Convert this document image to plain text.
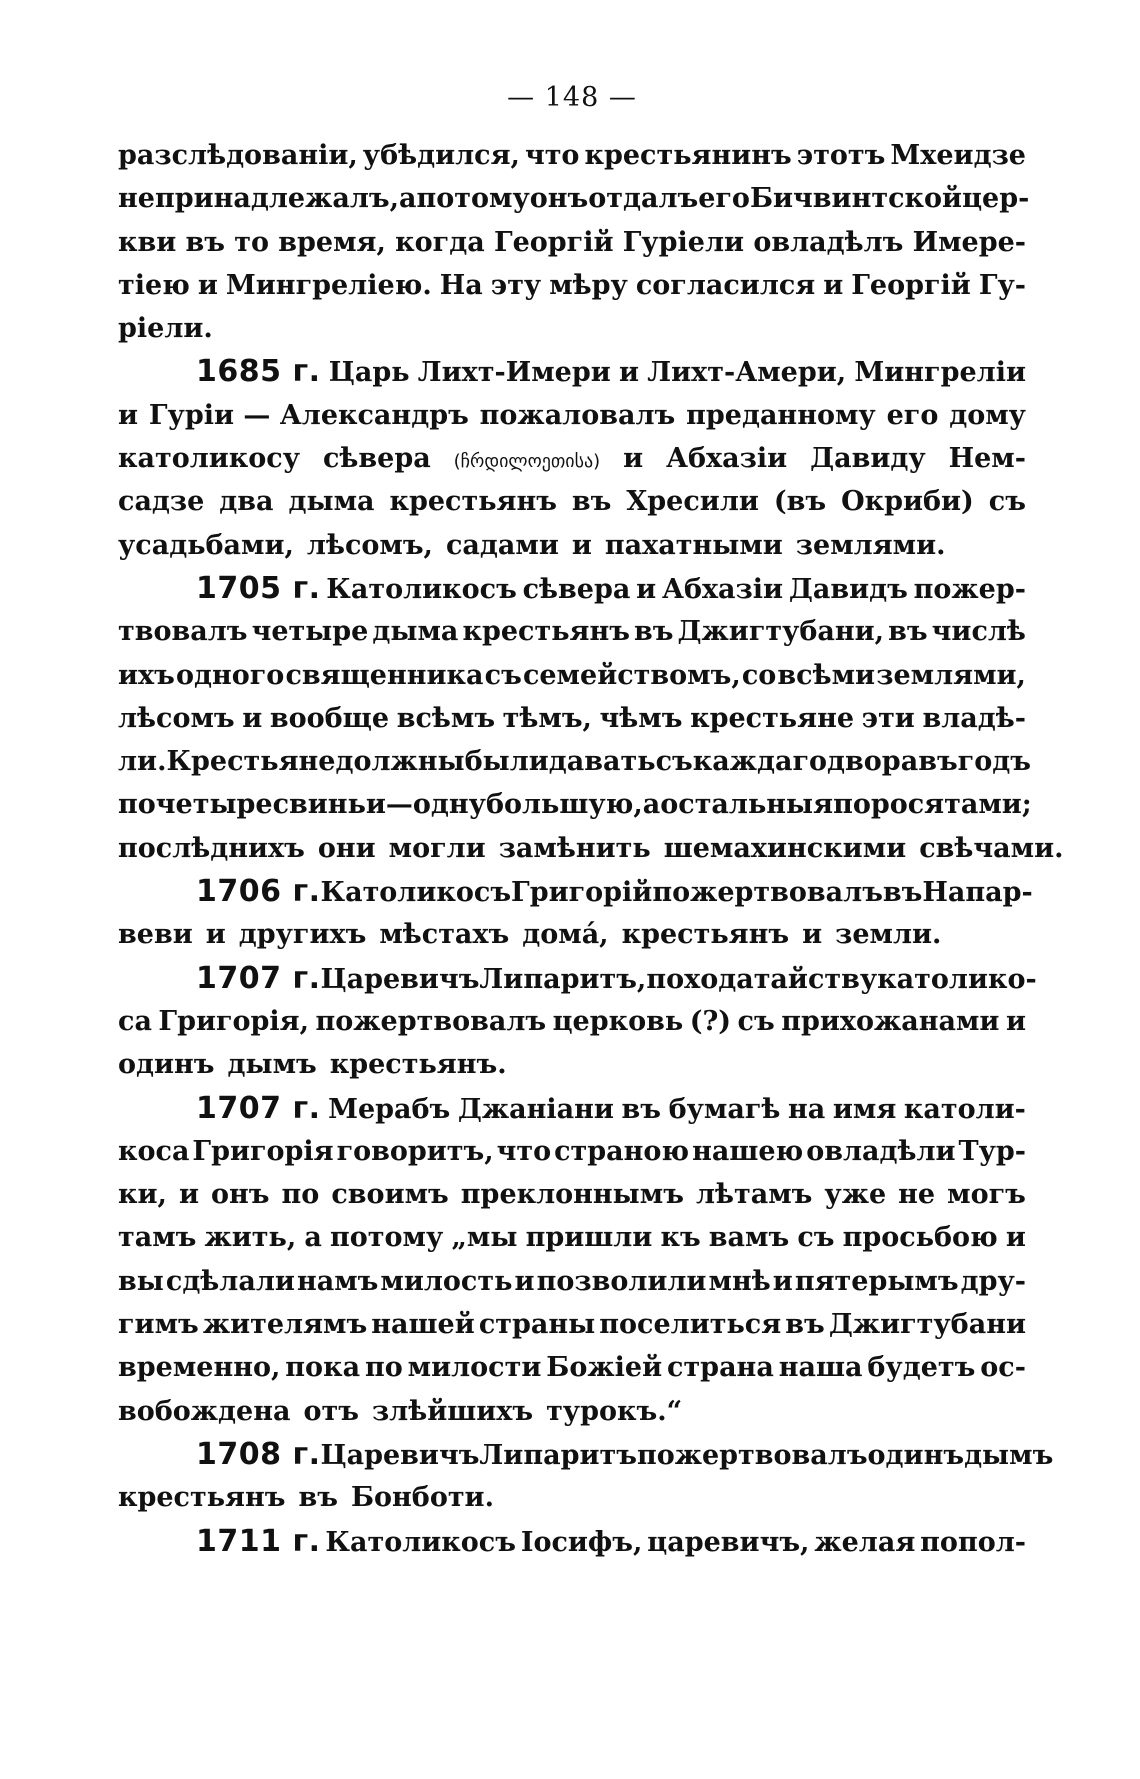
— 148 —
разслѣдованіи, убѣдился, что крестьянинъ этотъ Мхеидзе
непринадлежалъ, а потому онъ отдалъ его Бичвинтской цер-
кви въ то время, когда Георгій Гуріели овладѣлъ Имере-
тіею и Мингреліею. На эту мѣру согласился и Георгій Гу-
ріели.
1685 г. Царь Лихт-Имери и Лихт-Амери, Мингреліи
и Гуріи — Александръ пожаловалъ преданному его дому
католикосу сѣвера (ჩრდილოეთისა) и Абхазіи Давиду Нем-
садзе два дыма крестьянъ въ Хресили (въ Окриби) съ
усадьбами, лѣсомъ, садами и пахатными землями.
1705 г. Католикосъ сѣвера и Абхазіи Давидъ пожер-
твовалъ четыре дыма крестьянъ въ Джигтубани, въ числѣ
ихъ одного священника съ семействомъ, со всѣми землями,
лѣсомъ и вообще всѣмъ тѣмъ, чѣмъ крестьяне эти владѣ-
ли. Крестьяне должны были давать съ каждаго двора въ годъ
по четыре свиньи—одну большую, а остальныя поросятами;
послѣднихъ они могли замѣнить шемахинскими свѣчами.
1706 г. Католикосъ Григорій пожертвовалъ въ Напар-
веви и другихъ мѣстахъ домá, крестьянъ и земли.
1707 г. Царевичъ Липаритъ, по ходатайству католико-
са Григорія, пожертвовалъ церковь (?) съ прихожанами и
одинъ дымъ крестьянъ.
1707 г. Мерабъ Джаніани въ бумагѣ на имя католи-
коса Григорія говоритъ, что страною нашею овладѣли Тур-
ки, и онъ по своимъ преклоннымъ лѣтамъ уже не могъ
тамъ жить, а потому „мы пришли къ вамъ съ просьбою и
вы сдѣлали намъ милость и позволили мнѣ и пятерымъ дру-
гимъ жителямъ нашей страны поселиться въ Джигтубани
временно, пока по милости Божіей страна наша будетъ ос-
вобождена отъ злѣйшихъ турокъ.“
1708 г. Царевичъ Липаритъ пожертвовалъ одинъ дымъ
крестьянъ въ Бонботи.
1711 г. Католикосъ Іосифъ, царевичъ, желая попол-
